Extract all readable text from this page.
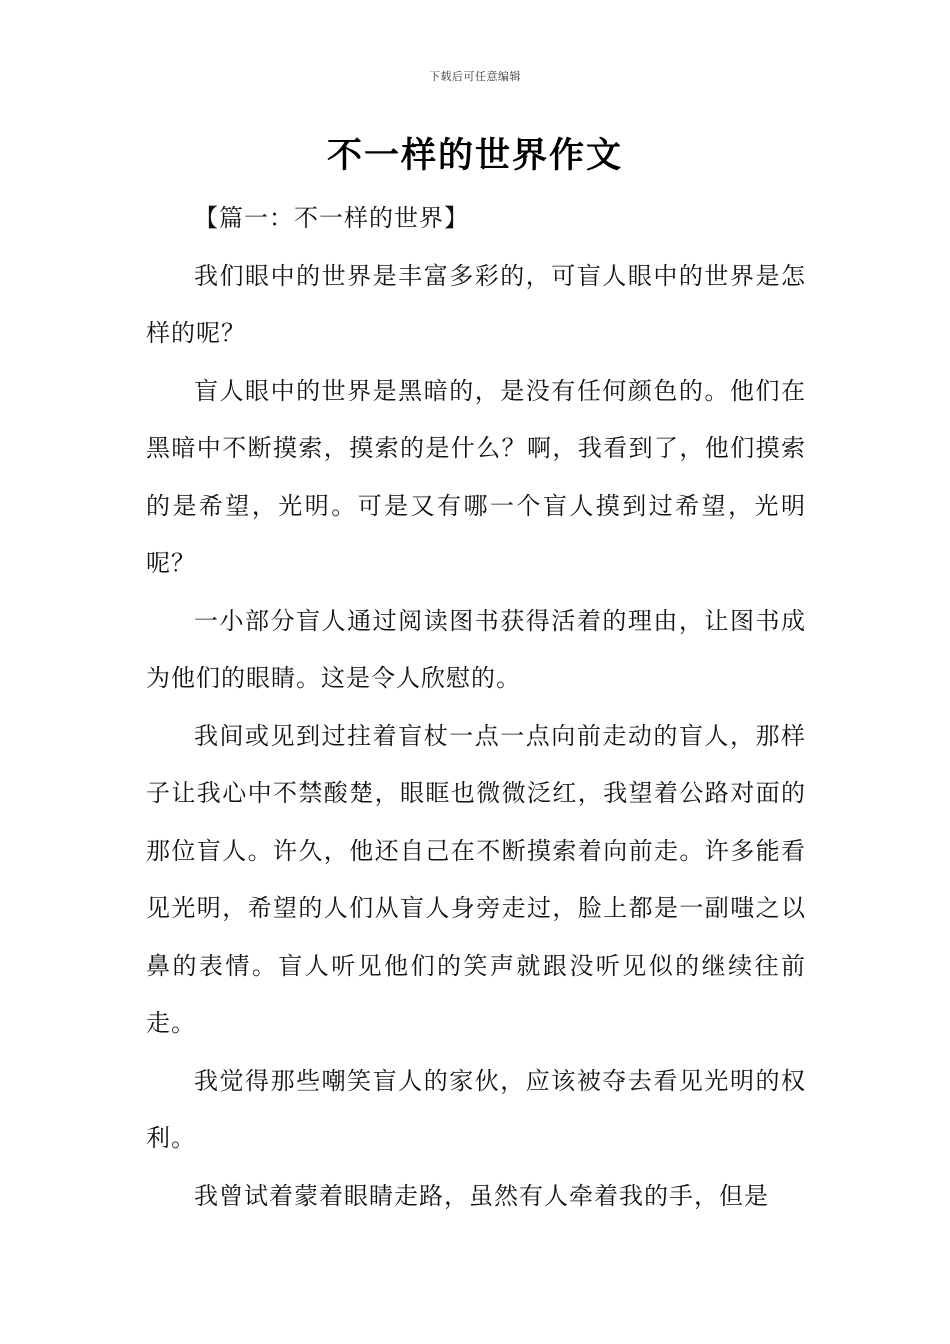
下载后可任意编辑
不一样的世界作文

【篇一：不一样的世界】

我们眼中的世界是丰富多彩的，可盲人眼中的世界是怎样的呢？

盲人眼中的世界是黑暗的，是没有任何颜色的。他们在黑暗中不断摸索，摸索的是什么？啊，我看到了，他们摸索的是希望，光明。可是又有哪一个盲人摸到过希望，光明呢？

一小部分盲人通过阅读图书获得活着的理由，让图书成为他们的眼睛。这是令人欣慰的。

我间或见到过拄着盲杖一点一点向前走动的盲人，那样子让我心中不禁酸楚，眼眶也微微泛红，我望着公路对面的那位盲人。许久，他还自己在不断摸索着向前走。许多能看见光明，希望的人们从盲人身旁走过，脸上都是一副嗤之以鼻的表情。盲人听见他们的笑声就跟没听见似的继续往前走。

我觉得那些嘲笑盲人的家伙，应该被夺去看见光明的权利。

我曾试着蒙着眼睛走路，虽然有人牵着我的手，但是
